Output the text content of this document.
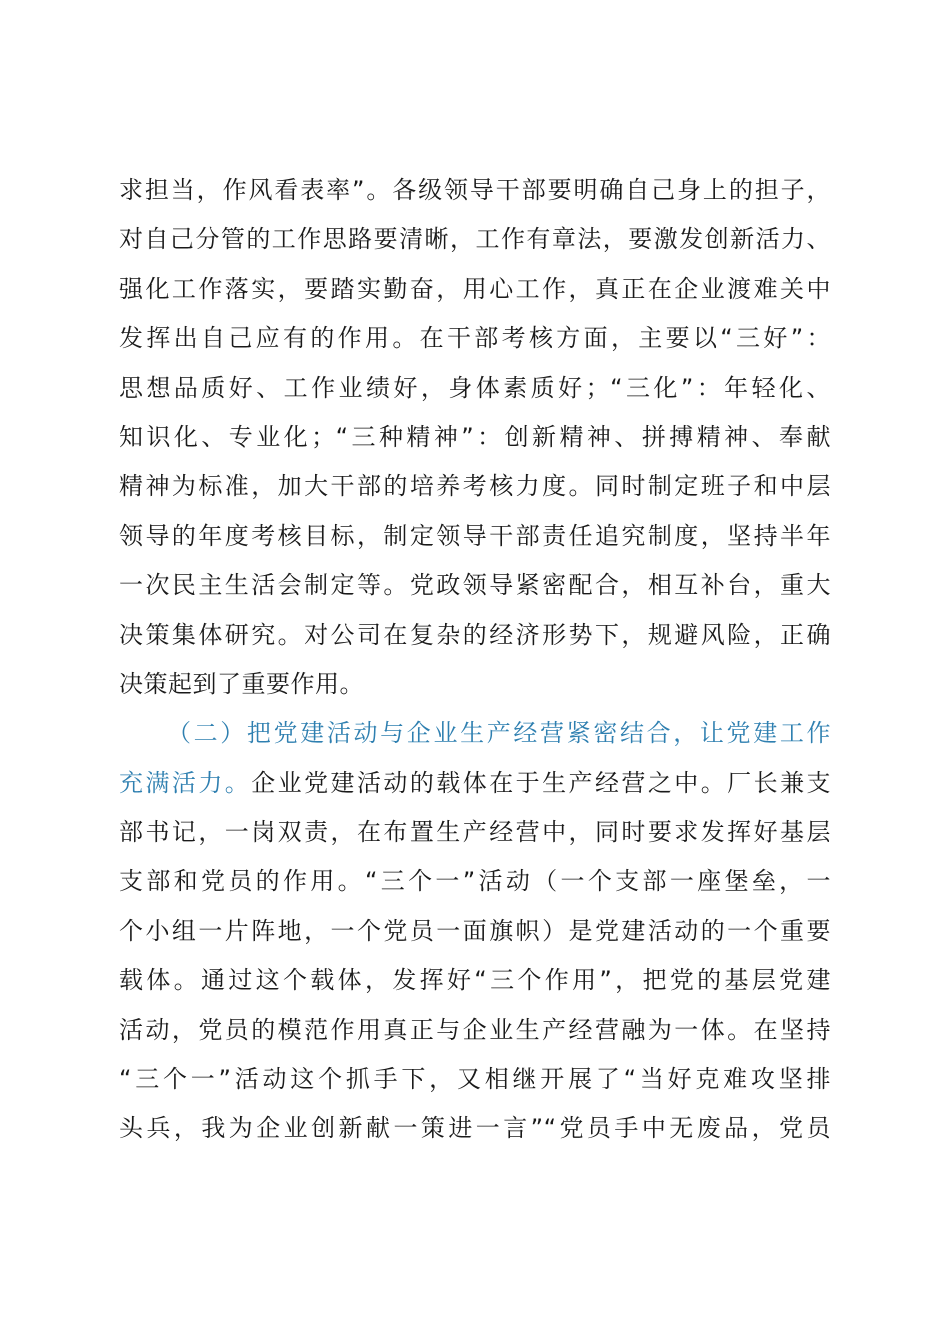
求担当，作风看表率”。各级领导干部要明确自己身上的担子，
对自己分管的工作思路要清晰，工作有章法，要激发创新活力、
强化工作落实，要踏实勤奋，用心工作，真正在企业渡难关中
发挥出自己应有的作用。在干部考核方面，主要以“三好”：
思想品质好、工作业绩好，身体素质好；“三化”：年轻化、
知识化、专业化；“三种精神”：创新精神、拼搏精神、奉献
精神为标准，加大干部的培养考核力度。同时制定班子和中层
领导的年度考核目标，制定领导干部责任追究制度，坚持半年
一次民主生活会制定等。党政领导紧密配合，相互补台，重大
决策集体研究。对公司在复杂的经济形势下，规避风险，正确
决策起到了重要作用。
（二）把党建活动与企业生产经营紧密结合，让党建工作
充满活力。企业党建活动的载体在于生产经营之中。厂长兼支
部书记，一岗双责，在布置生产经营中，同时要求发挥好基层
支部和党员的作用。“三个一”活动（一个支部一座堡垒，一
个小组一片阵地，一个党员一面旗帜）是党建活动的一个重要
载体。通过这个载体，发挥好“三个作用”，把党的基层党建
活动，党员的模范作用真正与企业生产经营融为一体。在坚持
“三个一”活动这个抓手下，又相继开展了“当好克难攻坚排
头兵，我为企业创新献一策进一言”“党员手中无废品，党员
